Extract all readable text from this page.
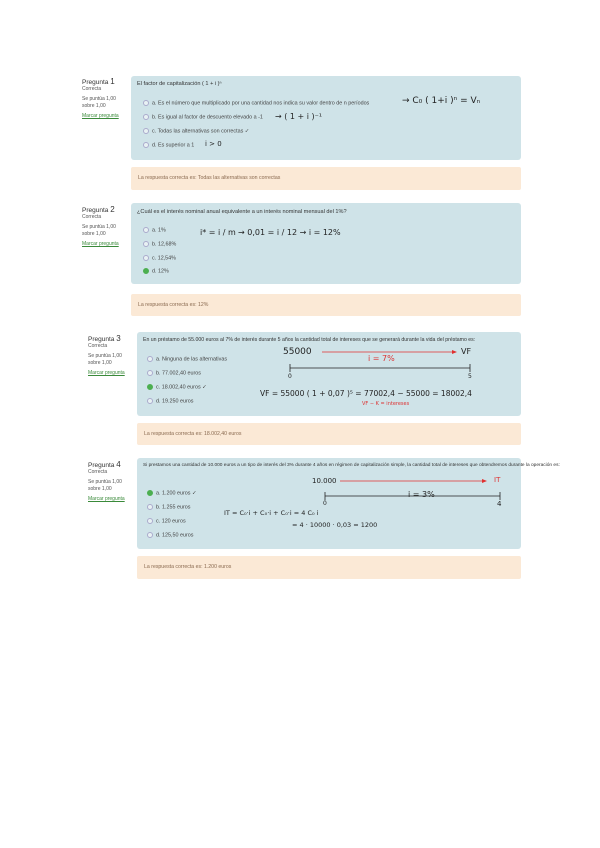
Pregunta 1
Correcta
Se puntúa 1,00 sobre 1,00
Marcar pregunta
El factor de capitalización ( 1 + i )ⁿ
a. Es el número que multiplicado por una cantidad nos indica su valor dentro de n períodos
b. Es igual al factor de descuento elevado a -1
c. Todas las alternativas son correctas ✓
d. Es superior a 1
→ C₀ ( 1+i )ⁿ = Vₙ
→ ( 1 + i )⁻¹
i > 0
La respuesta correcta es: Todas las alternativas son correctas
Pregunta 2
Correcta
Se puntúa 1,00 sobre 1,00
Marcar pregunta
¿Cuál es el interés nominal anual equivalente a un interés nominal mensual del 1%?
a. 1%
b. 12,68%
c. 12,54%
d. 12%
i* = i / m → 0,01 = i / 12 → i = 12%
La respuesta correcta es: 12%
Pregunta 3
Correcta
Se puntúa 1,00 sobre 1,00
Marcar pregunta
En un préstamo de 55.000 euros al 7% de interés durante 5 años la cantidad total de intereses que se generará durante la vida del préstamo es:
a. Ninguna de las alternativas
b. 77.002,40 euros
c. 18.002,40 euros ✓
d. 19.250 euros
55000	VF
i = 7%
0	5
VF = 55000 ( 1 + 0,07 )⁵ = 77002,4 − 55000 = 18002,4
VF − K = intereses
La respuesta correcta es: 18.002,40 euros
Pregunta 4
Correcta
Se puntúa 1,00 sobre 1,00
Marcar pregunta
Si prestamos una cantidad de 10.000 euros a un tipo de interés del 3% durante 4 años en régimen de capitalización simple, la cantidad total de intereses que obtendremos durante la operación es:
a. 1.200 euros ✓
b. 1.255 euros
c. 120 euros
d. 125,50 euros
10.000	IT
i = 3%
0	4
IT = C₀·i + C₀·i + C₀·i = 4 C₀ i
= 4 · 10000 · 0,03 = 1200
La respuesta correcta es: 1.200 euros
